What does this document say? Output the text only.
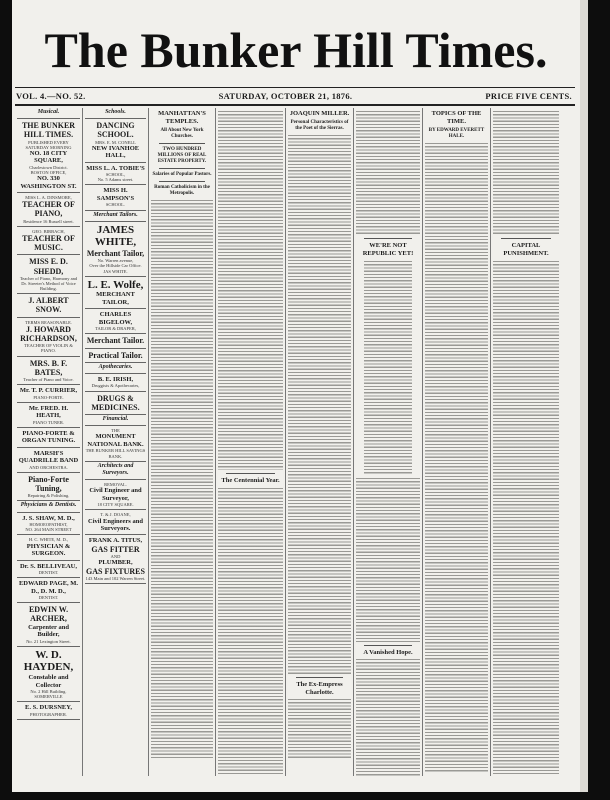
The Bunker Hill Times.
VOL. 4.—NO. 52.	SATURDAY, OCTOBER 21, 1876.	PRICE FIVE CENTS.
Musical.
THE BUNKER HILL TIMES.
PUBLISHED EVERY SATURDAY MORNING
NO. 18 CITY SQUARE,
Charlestown District.
BOSTON OFFICE,
NO. 330 WASHINGTON ST.
MISS L. A. DINSMORE,
TEACHER OF PIANO,
Residence 16 Russell street.
GEO. BIRBACH,
TEACHER OF MUSIC.
MISS E. D. SHEDD,
Teacher of Piano, Harmony and Dr. Streeter's Method of Voice Building.
J. ALBERT SNOW.
TERMS REASONABLE.
J. HOWARD RICHARDSON,
TEACHER OF VIOLIN & PIANO.
MRS. B. F. BATES,
Teacher of Piano and Voice.
Mr. T. P. CURRIER,
PIANO-FORTE.
Mr. FRED. H. HEATH,
PIANO TUNER.
PIANO-FORTE & ORGAN TUNING.
MARSH'S QUADRILLE BAND
AND ORCHESTRA.
Piano-Forte Tuning,
Repairing & Polishing.
Physicians & Dentists.
J. S. SHAW, M. D.,
HOMOEOPATHIST,
NO. 264 MAIN STREET
H. C. WHITE, M. D.,
PHYSICIAN & SURGEON.
Dr. S. BELLIVEAU,
DENTIST.
EDWARD PAGE, M. D., D. M. D.,
DENTIST.
EDWIN W. ARCHER,
Carpenter and Builder,
No. 21 Lexington Street.
W. D. HAYDEN,
Constable and Collector
No. 2 Hill Building.
SOMERVILLE
E. S. DURSNEY,
PHOTOGRAPHER.
Schools.
DANCING SCHOOL.
MRS. E. M. CONELL
NEW IVANHOE HALL,
MISS L. A. TOBIE'S
SCHOOL,
No. 5 Adams street.
MISS H. SAMPSON'S
SCHOOL.
Merchant Tailors.
JAMES WHITE,
Merchant Tailor,
No. Warren avenue,
Over the Hillside Car Office.
JAS WHITE.
L. E. Wolfe,
MERCHANT TAILOR,
CHARLES BIGELOW,
TAILOR & DRAPER,
Merchant Tailor.
Practical Tailor.
Apothecaries.
B. E. IRISH,
Druggists & Apothecaries,
DRUGS & MEDICINES.
Financial.
THE
MONUMENT NATIONAL BANK.
THE BUNKER HILL SAVINGS BANK.
Architects and Surveyors.
REMOVAL.
Civil Engineer and Surveyor,
18 CITY SQUARE.
T. & J. DOANE,
Civil Engineers and Surveyors.
FRANK A. TITUS,
GAS FITTER
AND
PLUMBER,
GAS FIXTURES
143 Main and 102 Warren Street.
MANHATTAN'S TEMPLES.
All About New York Churches.
TWO HUNDRED MILLIONS OF REAL ESTATE PROPERTY.
Salaries of Popular Pastors.
Roman Catholicism in the Metropolis.
The Centennial Year.
JOAQUIN MILLER.
Personal Characteristics of the Poet of the Sierras.
The Ex-Empress Charlotte.
WE'RE NOT REPUBLIC YET!
A Vanished Hope.
TOPICS OF THE TIME.
BY EDWARD EVERETT HALE.
CAPITAL PUNISHMENT.
